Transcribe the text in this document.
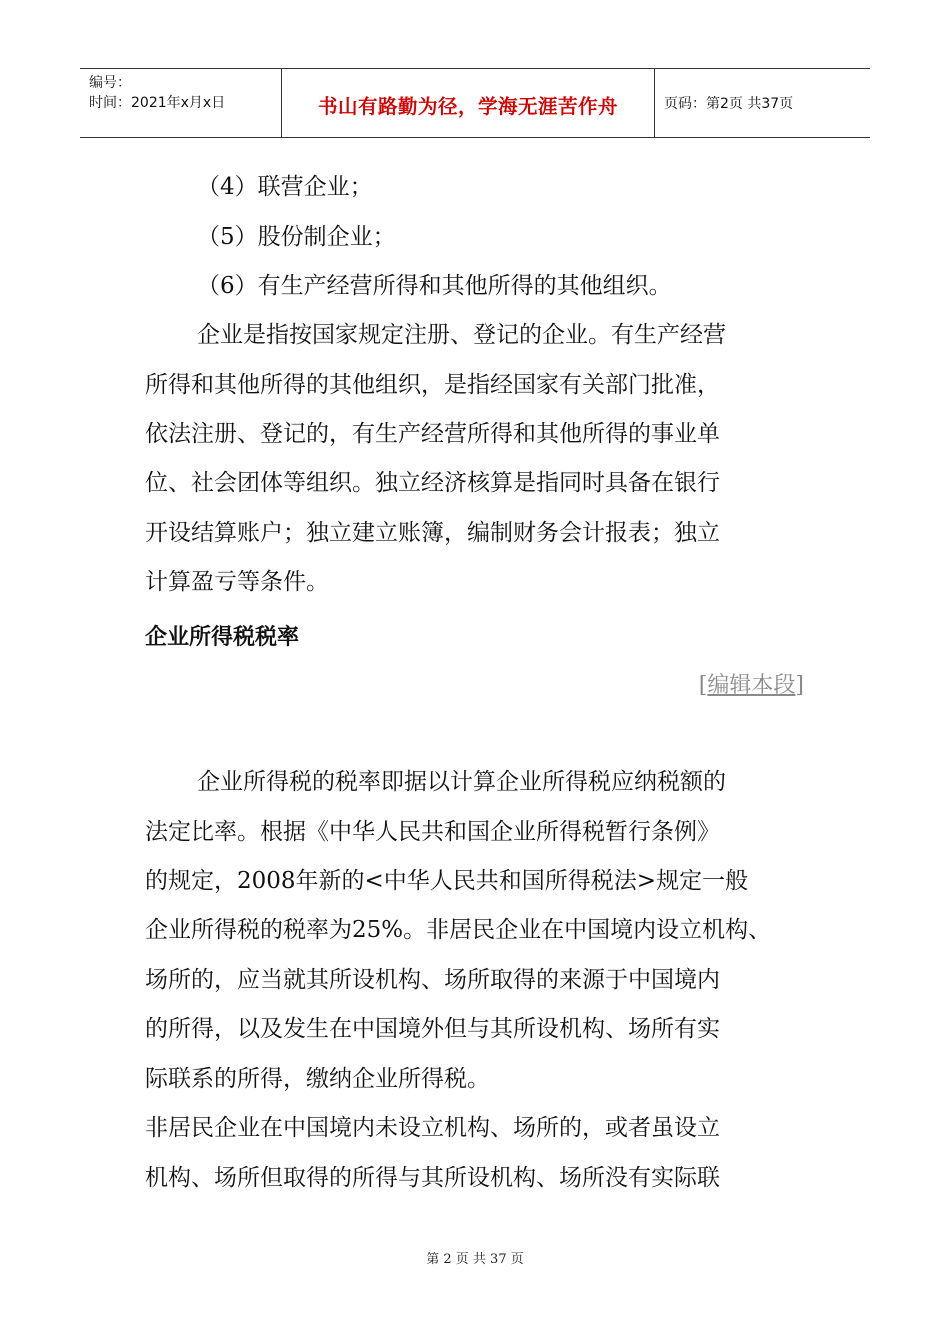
编号：
时间：2021年x月x日	书山有路勤为径，学海无涯苦作舟	页码：第2页 共37页
（4）联营企业；
（5）股份制企业；
（6）有生产经营所得和其他所得的其他组织。
企业是指按国家规定注册、登记的企业。有生产经营
所得和其他所得的其他组织，是指经国家有关部门批准，
依法注册、登记的，有生产经营所得和其他所得的事业单
位、社会团体等组织。独立经济核算是指同时具备在银行
开设结算账户；独立建立账簿，编制财务会计报表；独立
计算盈亏等条件。
企业所得税税率
[编辑本段]
企业所得税的税率即据以计算企业所得税应纳税额的
法定比率。根据《中华人民共和国企业所得税暂行条例》
的规定，2008年新的<中华人民共和国所得税法>规定一般
企业所得税的税率为25%。非居民企业在中国境内设立机构、
场所的，应当就其所设机构、场所取得的来源于中国境内
的所得，以及发生在中国境外但与其所设机构、场所有实
际联系的所得，缴纳企业所得税。
非居民企业在中国境内未设立机构、场所的，或者虽设立
机构、场所但取得的所得与其所设机构、场所没有实际联
第 2 页 共 37 页
